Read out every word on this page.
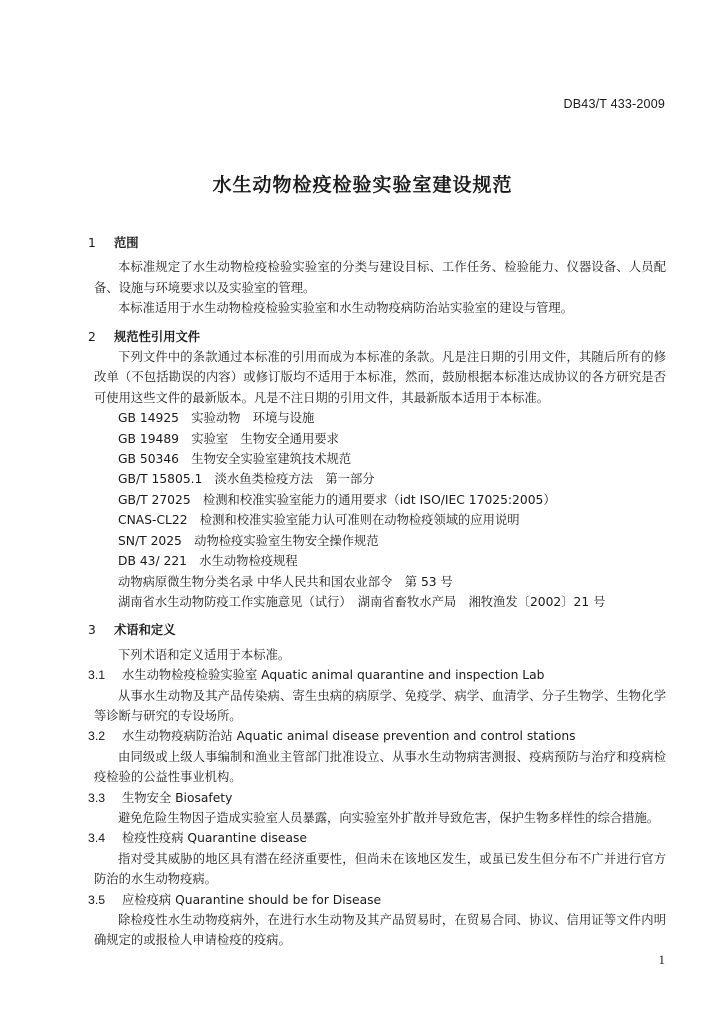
DB43/T 433-2009
水生动物检疫检验实验室建设规范
1 范围
本标准规定了水生动物检疫检验实验室的分类与建设目标、工作任务、检验能力、仪器设备、人员配备、设施与环境要求以及实验室的管理。
本标准适用于水生动物检疫检验实验室和水生动物疫病防治站实验室的建设与管理。
2 规范性引用文件
下列文件中的条款通过本标准的引用而成为本标准的条款。凡是注日期的引用文件，其随后所有的修改单（不包括勘误的内容）或修订版均不适用于本标准，然而，鼓励根据本标准达成协议的各方研究是否可使用这些文件的最新版本。凡是不注日期的引用文件，其最新版本适用于本标准。
GB 14925　实验动物　环境与设施
GB 19489　实验室　生物安全通用要求
GB 50346　生物安全实验室建筑技术规范
GB/T 15805.1　淡水鱼类检疫方法　第一部分
GB/T 27025　检测和校准实验室能力的通用要求（idt ISO/IEC 17025:2005）
CNAS-CL22　检测和校准实验室能力认可准则在动物检疫领域的应用说明
SN/T 2025　动物检疫实验室生物安全操作规范
DB 43/ 221　水生动物检疫规程
动物病原微生物分类名录 中华人民共和国农业部令　第 53 号
湖南省水生动物防疫工作实施意见（试行）　湖南省畜牧水产局　湘牧渔发〔2002〕21 号
3 术语和定义
下列术语和定义适用于本标准。
3.1 水生动物检疫检验实验室 Aquatic animal quarantine and inspection Lab
从事水生动物及其产品传染病、寄生虫病的病原学、免疫学、病学、血清学、分子生物学、生物化学等诊断与研究的专设场所。
3.2 水生动物疫病防治站 Aquatic animal disease prevention and control stations
由同级或上级人事编制和渔业主管部门批准设立、从事水生动物病害测报、疫病预防与治疗和疫病检疫检验的公益性事业机构。
3.3 生物安全 Biosafety
避免危险生物因子造成实验室人员暴露，向实验室外扩散并导致危害，保护生物多样性的综合措施。
3.4 检疫性疫病 Quarantine disease
指对受其威胁的地区具有潜在经济重要性，但尚未在该地区发生，或虽已发生但分布不广并进行官方防治的水生动物疫病。
3.5 应检疫病 Quarantine should be for Disease
除检疫性水生动物疫病外，在进行水生动物及其产品贸易时，在贸易合同、协议、信用证等文件内明确规定的或报检人申请检疫的疫病。
1
